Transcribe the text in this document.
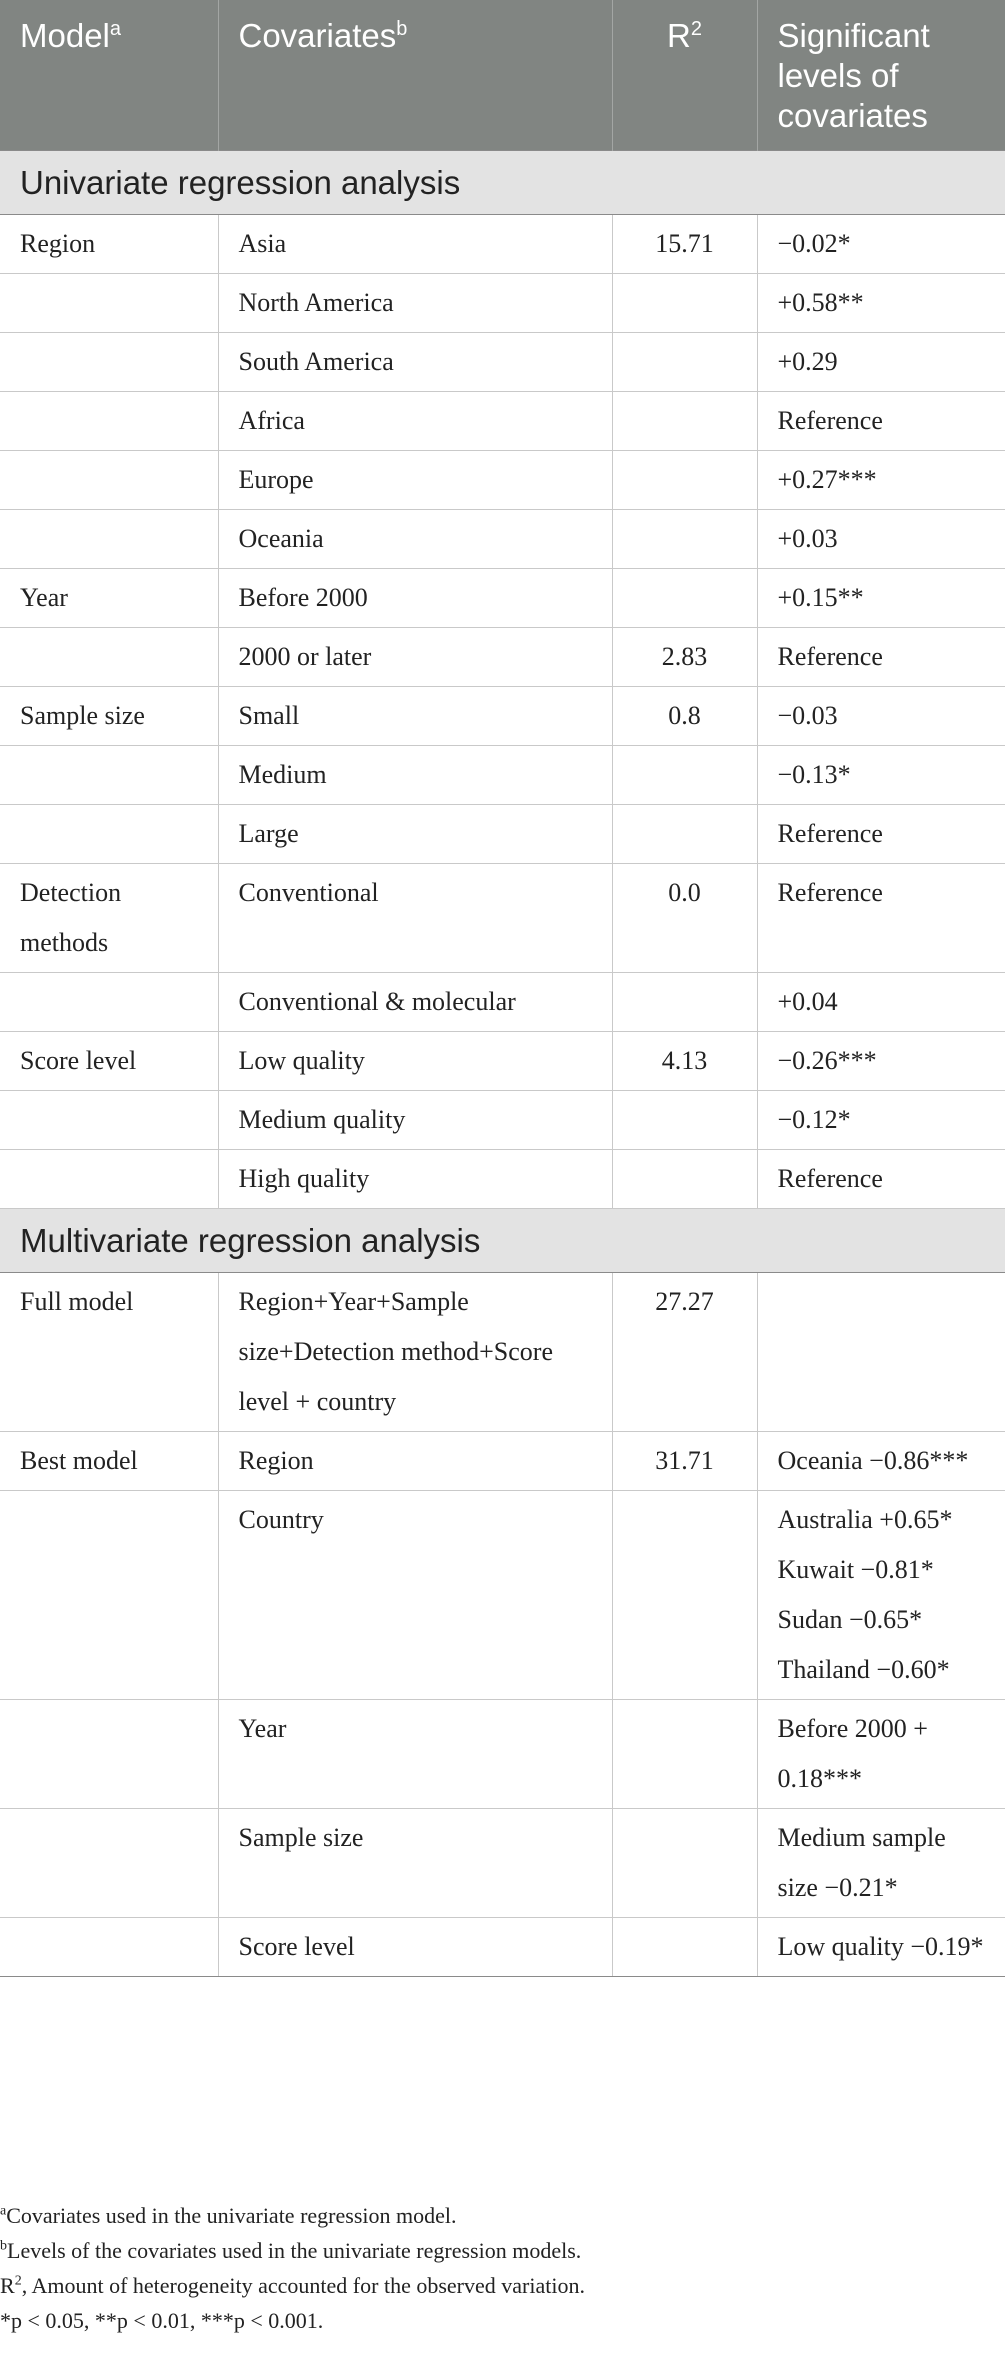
Model$^a$	Covariates$^b$	$R^2$	Significant levels of covariates
Univariate regression analysis			
Region	Asia	15.71	−0.02*
	North America		+0.58**
	South America		+0.29
	Africa		Reference
	Europe		+0.27***
	Oceania		+0.03
Year	Before 2000		+0.15**
	2000 or later	2.83	Reference
Sample size	Small	0.8	−0.03
	Medium		−0.13*
	Large		Reference
Detection methods	Conventional	0.0	Reference
	Conventional & molecular		+0.04
Score level	Low quality	4.13	−0.26***
	Medium quality		−0.12*
	High quality		Reference
Multivariate regression analysis			
Full model	Region+Year+Sample size+Detection method+Score level + country	27.27	
Best model	Region	31.71	Oceania −0.86***
	Country		Australia +0.65* Kuwait −0.81* Sudan −0.65* Thailand −0.60*
	Year		Before 2000 + 0.18***
	Sample size		Medium sample size −0.21*
	Score level		Low quality −0.19*
$^a$Covariates used in the univariate regression model.
$^b$Levels of the covariates used in the univariate regression models.
$R^2$, Amount of heterogeneity accounted for the observed variation.
*p < 0.05, **p < 0.01, ***p < 0.001.
